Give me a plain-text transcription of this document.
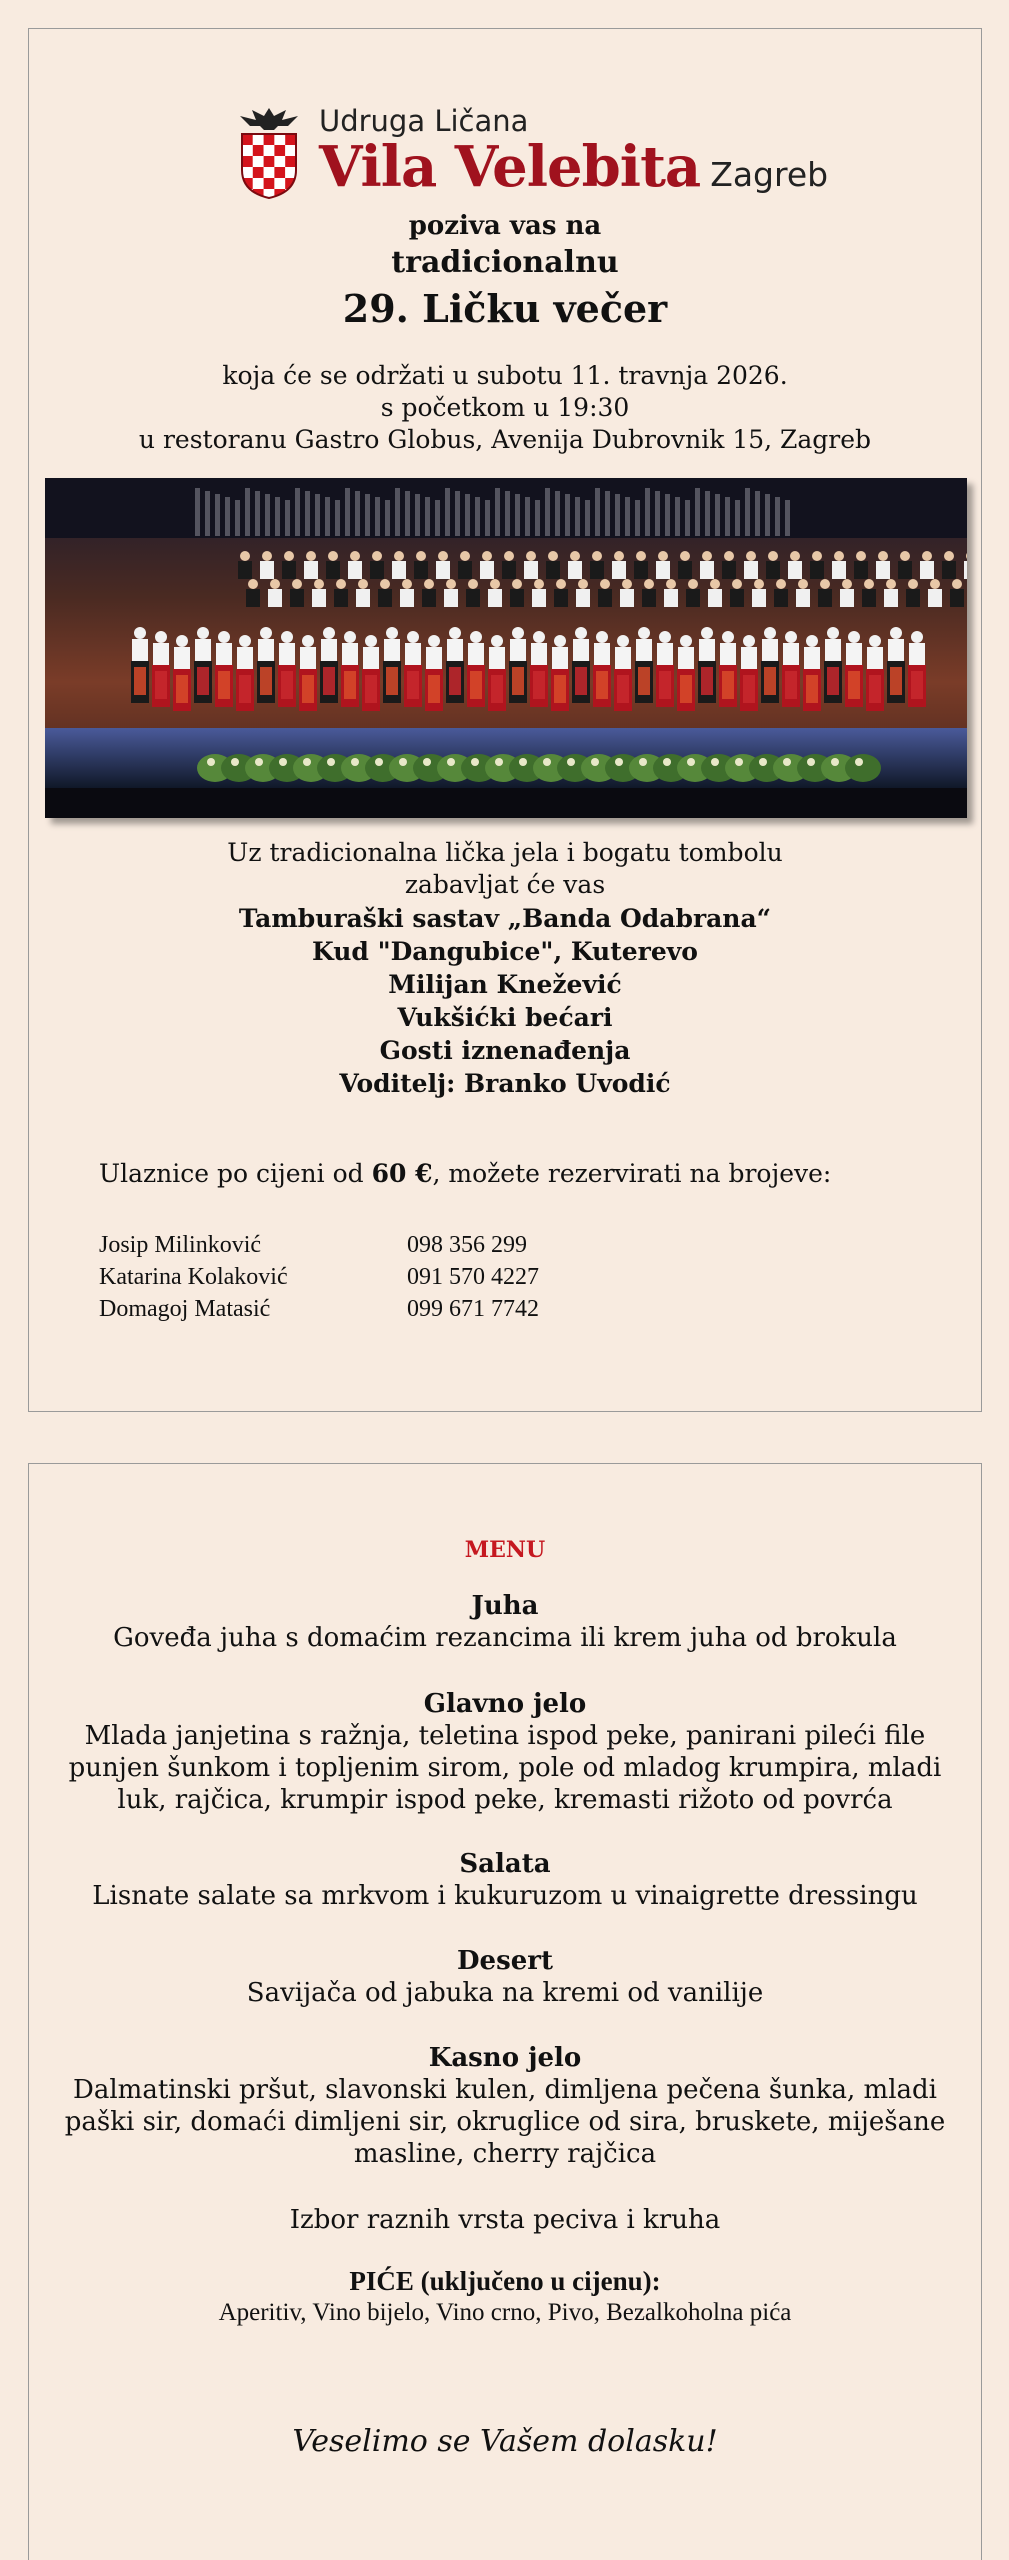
Udruga Ličana
Vila Velebita Zagreb
poziva vas na
tradicionalnu
29. Ličku večer
koja će se održati u subotu 11. travnja 2026.
s početkom u 19:30
u restoranu Gastro Globus, Avenija Dubrovnik 15, Zagreb
Uz tradicionalna lička jela i bogatu tombolu
zabavljat će vas
Tamburaški sastav „Banda Odabrana“
Kud "Dangubice", Kuterevo
Milijan Knežević
Vukšićki bećari
Gosti iznenađenja
Voditelj: Branko Uvodić
Ulaznice po cijeni od 60 €, možete rezervirati na brojeve:
Josip Milinković	098 356 299
Katarina Kolaković	091 570 4227
Domagoj Matasić	099 671 7742
MENU
Juha
Goveđa juha s domaćim rezancima ili krem juha od brokula
Glavno jelo
Mlada janjetina s ražnja, teletina ispod peke, panirani pileći file
punjen šunkom i topljenim sirom, pole od mladog krumpira, mladi
luk, rajčica, krumpir ispod peke, kremasti rižoto od povrća
Salata
Lisnate salate sa mrkvom i kukuruzom u vinaigrette dressingu
Desert
Savijača od jabuka na kremi od vanilije
Kasno jelo
Dalmatinski pršut, slavonski kulen, dimljena pečena šunka, mladi
paški sir, domaći dimljeni sir, okruglice od sira, bruskete, miješane
masline, cherry rajčica
Izbor raznih vrsta peciva i kruha
PIĆE (uključeno u cijenu):
Aperitiv, Vino bijelo, Vino crno, Pivo, Bezalkoholna pića
Veselimo se Vašem dolasku!
